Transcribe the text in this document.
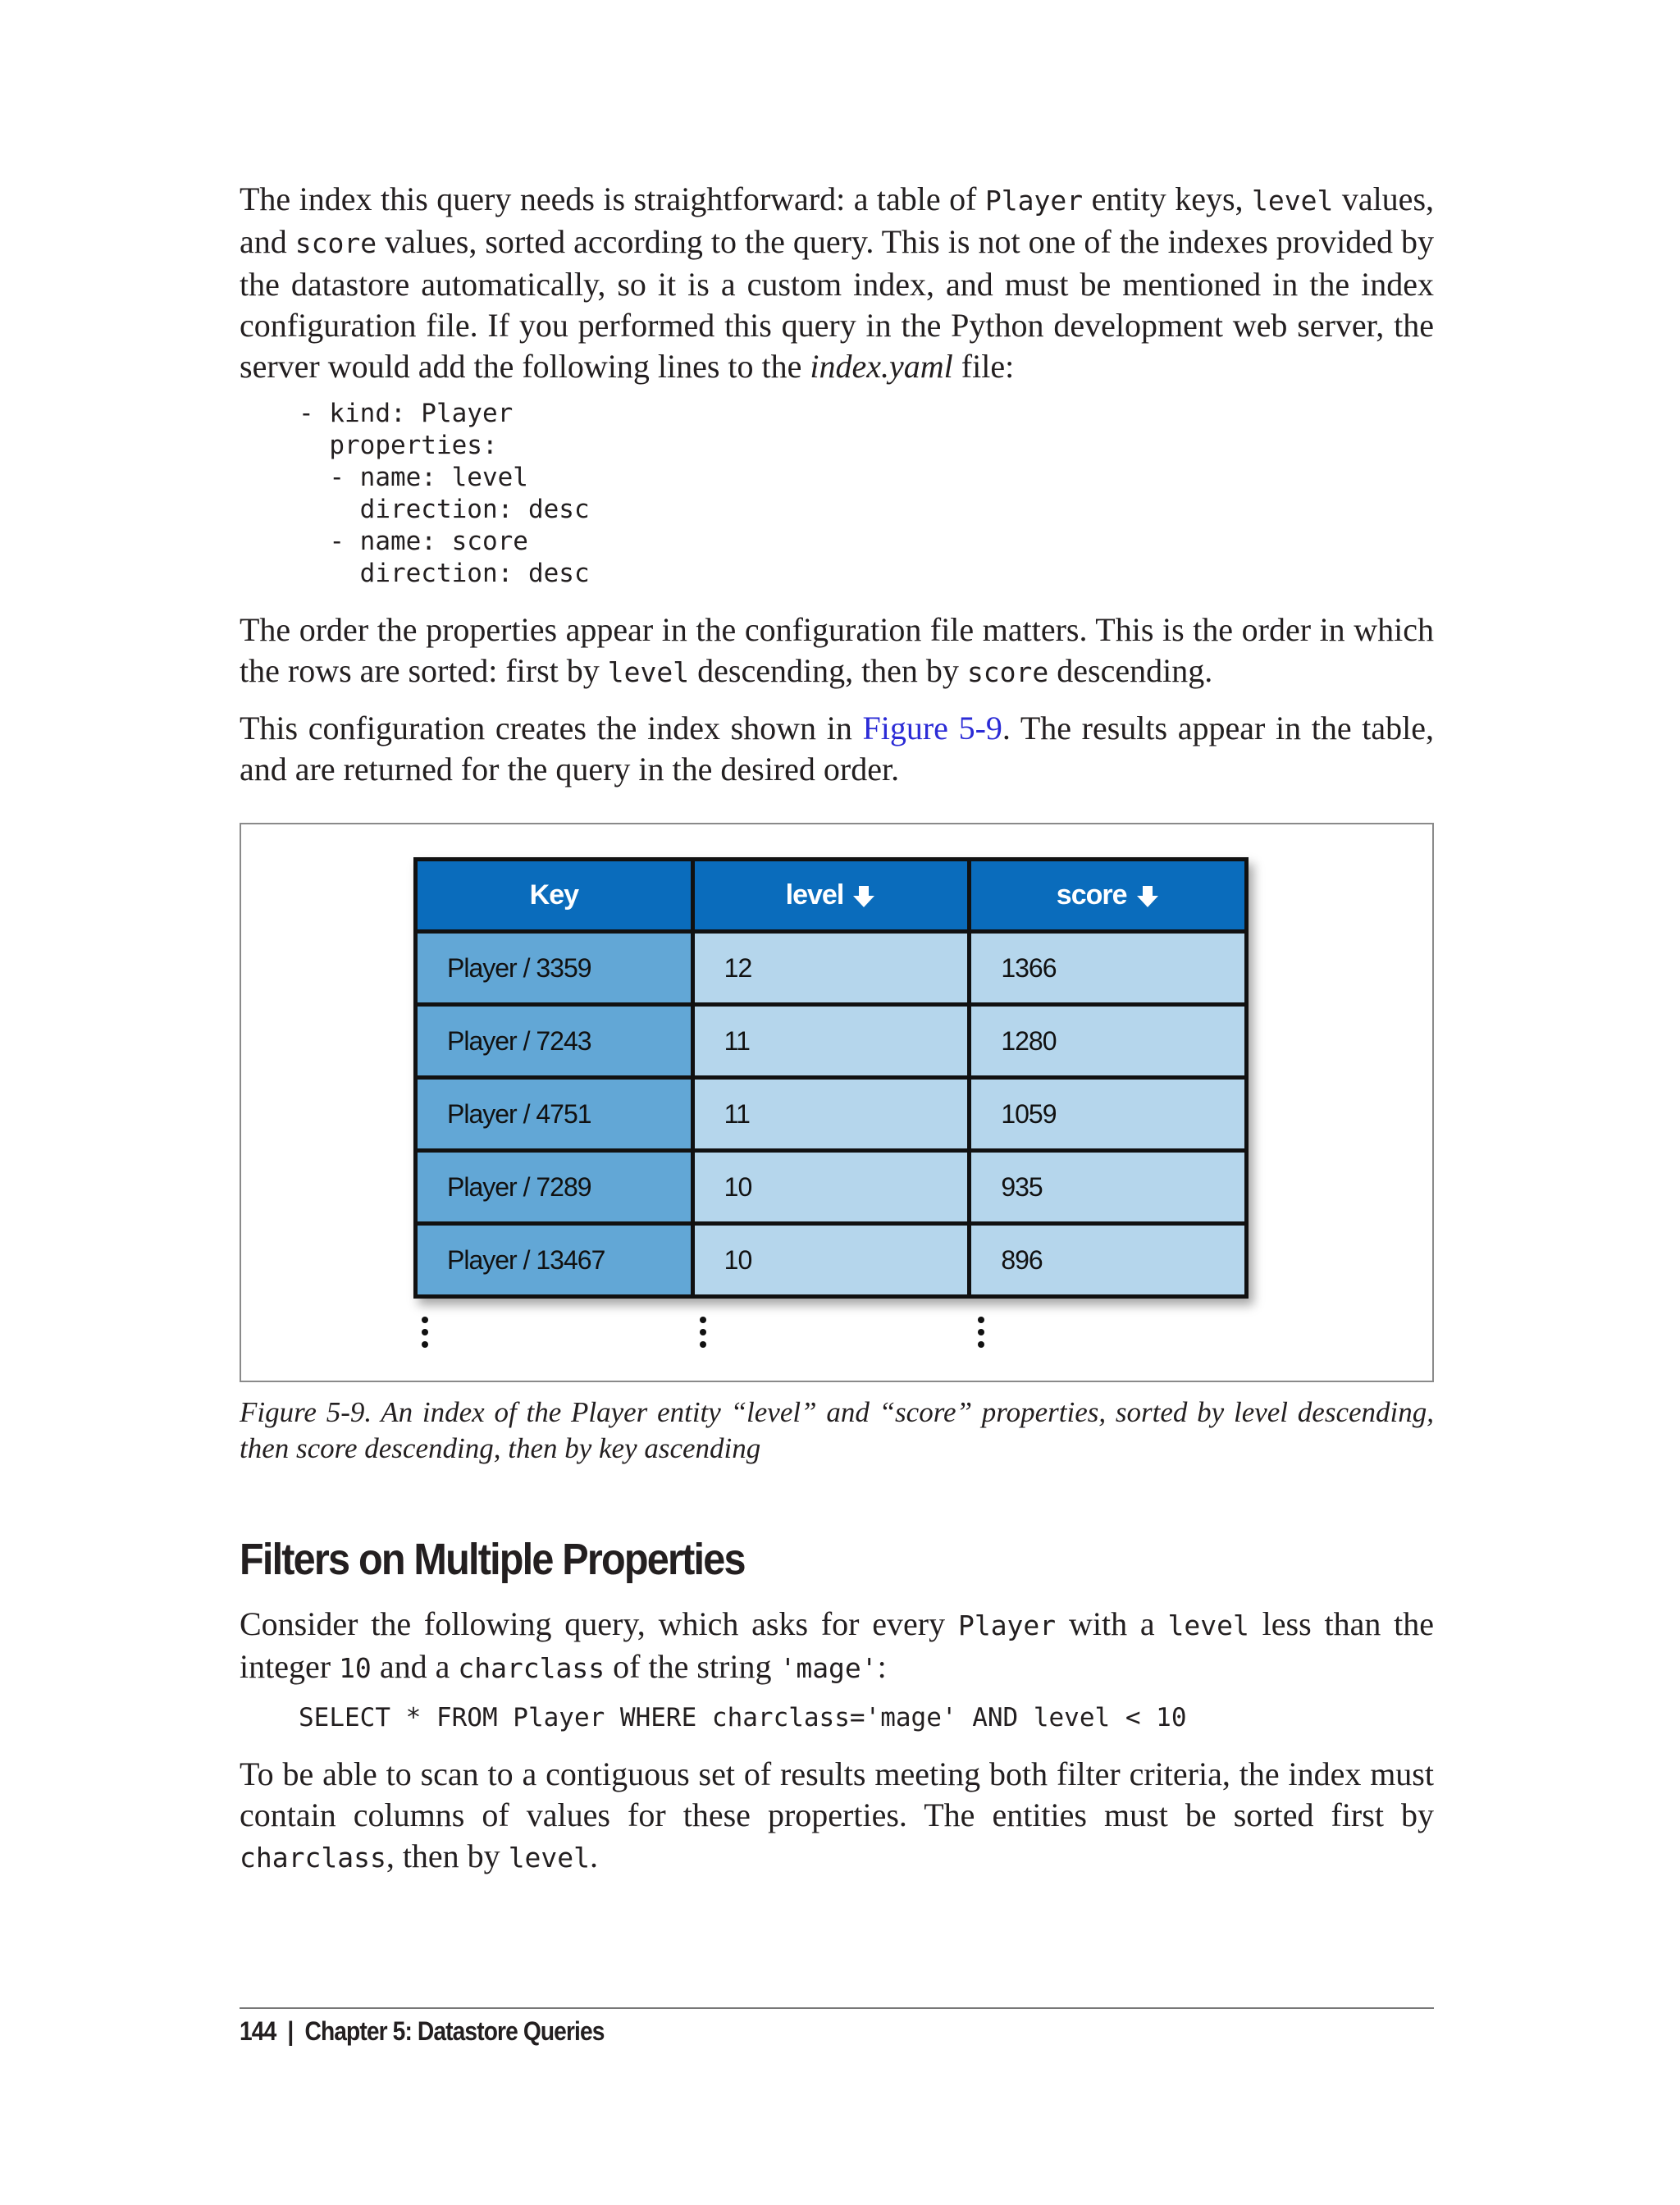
The index this query needs is straightforward: a table of Player entity keys, level values, and score values, sorted according to the query. This is not one of the indexes provided by the datastore automatically, so it is a custom index, and must be mentioned in the index configuration file. If you performed this query in the Python development web server, the server would add the following lines to the index.yaml file:

- kind: Player
properties:
- name: level
direction: desc
- name: score
direction: desc

The order the properties appear in the configuration file matters. This is the order in which the rows are sorted: first by level descending, then by score descending.

This configuration creates the index shown in Figure 5-9. The results appear in the table, and are returned for the query in the desired order.

Key	level	score
Player / 3359	12	1366
Player / 7243	11	1280
Player / 4751	11	1059
Player / 7289	10	935
Player / 13467	10	896

Figure 5-9. An index of the Player entity “level” and “score” properties, sorted by level descending, then score descending, then by key ascending

Filters on Multiple Properties

Consider the following query, which asks for every Player with a level less than the integer 10 and a charclass of the string 'mage':

SELECT * FROM Player WHERE charclass='mage' AND level < 10

To be able to scan to a contiguous set of results meeting both filter criteria, the index must contain columns of values for these properties. The entities must be sorted first by charclass, then by level.

144 | Chapter 5: Datastore Queries
